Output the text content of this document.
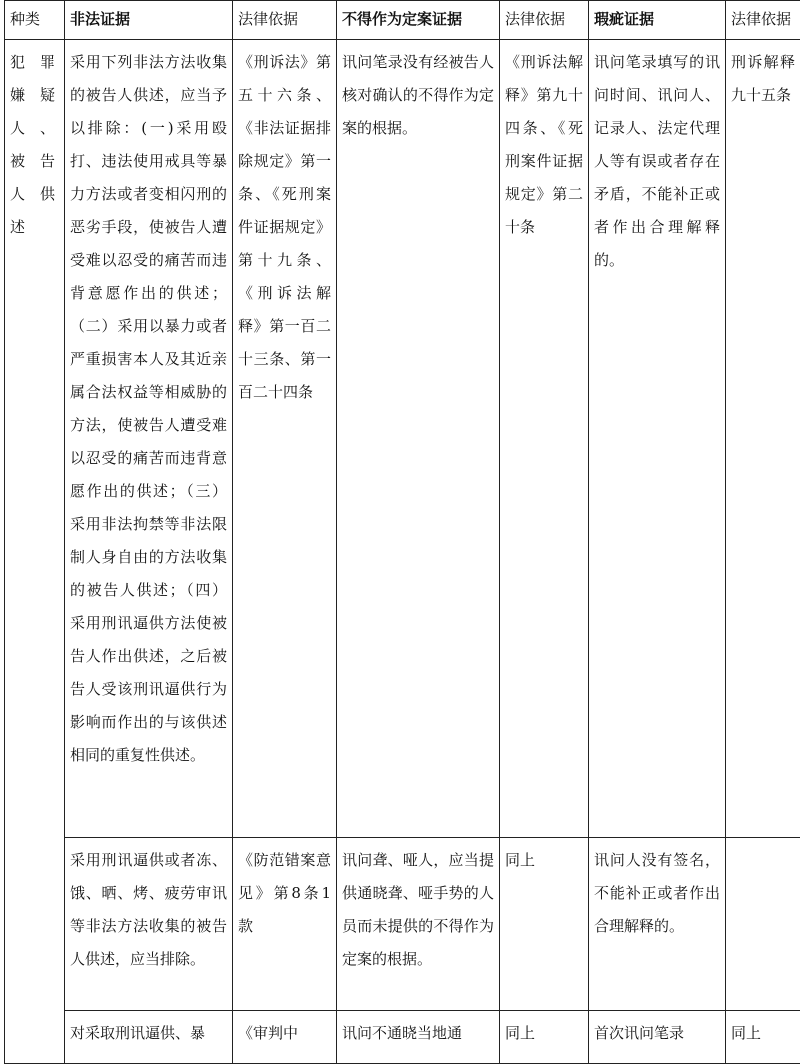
种类	非法证据	法律依据	不得作为定案证据	法律依据	瑕疵证据	法律依据
犯罪嫌疑人、被告人供述	采用下列非法方法收集的被告人供述，应当予以排除：(一)采用殴打、违法使用戒具等暴力方法或者变相闪刑的恶劣手段，使被告人遭受难以忍受的痛苦而违背意愿作出的供述；（二）采用以暴力或者严重损害本人及其近亲属合法权益等相威胁的方法，使被告人遭受难以忍受的痛苦而违背意愿作出的供述；（三）采用非法拘禁等非法限制人身自由的方法收集的被告人供述；（四）采用刑讯逼供方法使被告人作出供述，之后被告人受该刑讯逼供行为影响而作出的与该供述相同的重复性供述。	《刑诉法》第五十六条、《非法证据排除规定》第一条、《死刑案件证据规定》第十九条、《刑诉法解释》第一百二十三条、第一百二十四条	讯问笔录没有经被告人核对确认的不得作为定案的根据。	《刑诉法解释》第九十四条、《死刑案件证据规定》第二十条	讯问笔录填写的讯问时间、讯问人、记录人、法定代理人等有误或者存在矛盾，不能补正或者作出合理解释的。	刑诉解释九十五条
	采用刑讯逼供或者冻、饿、晒、烤、疲劳审讯等非法方法收集的被告人供述，应当排除。	《防范错案意见》第8条1款	讯问聋、哑人，应当提供通晓聋、哑手势的人员而未提供的不得作为定案的根据。	同上	讯问人没有签名，不能补正或者作出合理解释的。	
	对采取刑讯逼供、暴	《审判中	讯问不通晓当地通	同上	首次讯问笔录	同上
